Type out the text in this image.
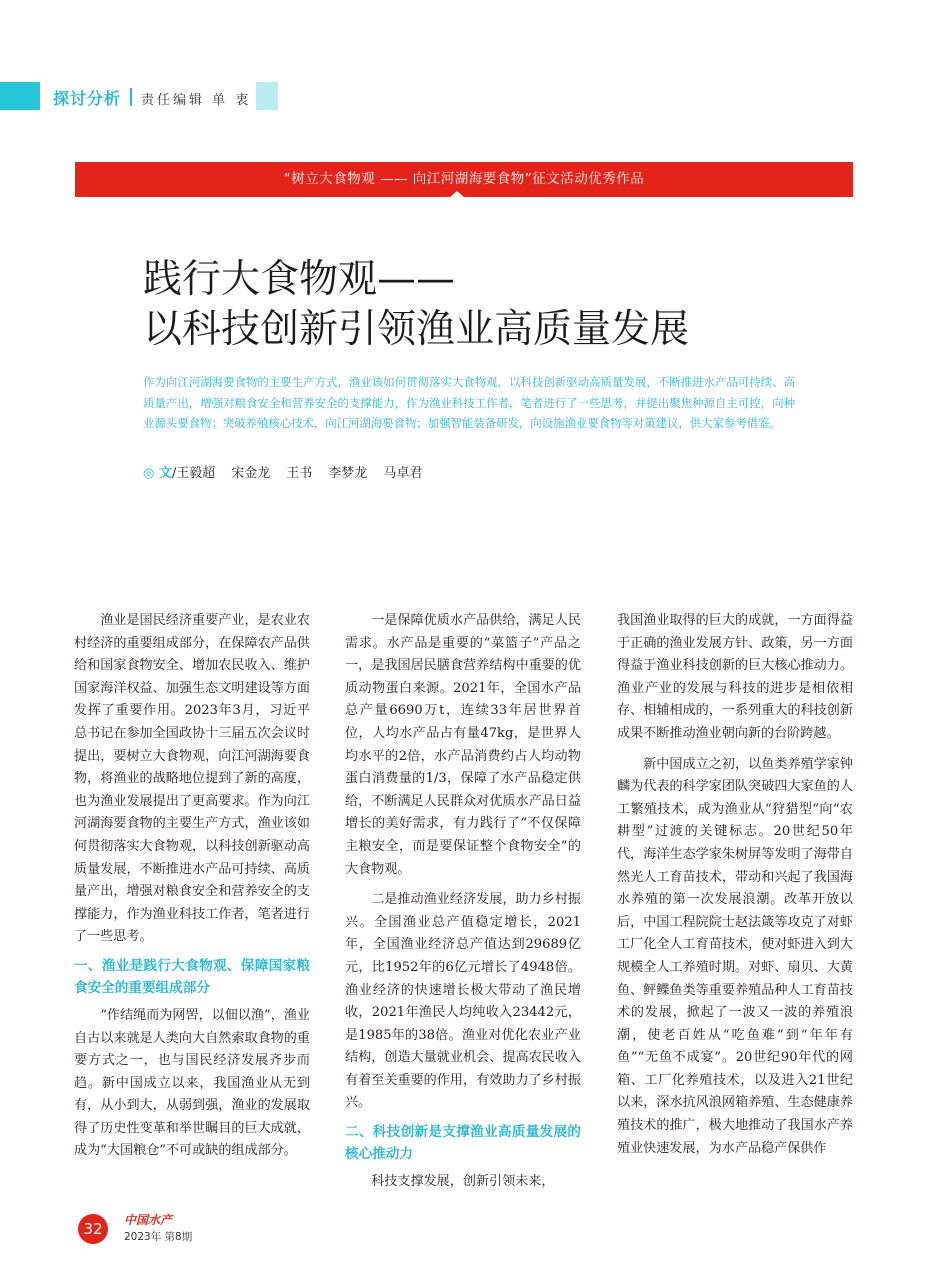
探讨分析 责任编辑 单 衷
“树立大食物观 —— 向江河湖海要食物”征文活动优秀作品
践行大食物观——
以科技创新引领渔业高质量发展
作为向江河湖海要食物的主要生产方式，渔业该如何贯彻落实大食物观，以科技创新驱动高质量发展，不断推进水产品可持续、高质量产出，增强对粮食安全和营养安全的支撑能力，作为渔业科技工作者，笔者进行了一些思考，并提出聚焦种源自主可控，向种业源头要食物；突破养殖核心技术，向江河湖海要食物；加强智能装备研发，向设施渔业要食物等对策建议，供大家参考借鉴。
◎ 文/王毅超 宋金龙 王书 李梦龙 马卓君

渔业是国民经济重要产业，是农业农村经济的重要组成部分，在保障农产品供给和国家食物安全、增加农民收入、维护国家海洋权益、加强生态文明建设等方面发挥了重要作用。2023年3月，习近平总书记在参加全国政协十三届五次会议时提出，要树立大食物观，向江河湖海要食物，将渔业的战略地位提到了新的高度，也为渔业发展提出了更高要求。作为向江河湖海要食物的主要生产方式，渔业该如何贯彻落实大食物观，以科技创新驱动高质量发展，不断推进水产品可持续、高质量产出，增强对粮食安全和营养安全的支撑能力，作为渔业科技工作者，笔者进行了一些思考。

一、渔业是践行大食物观、保障国家粮食安全的重要组成部分

“作结绳而为网罟，以佃以渔”，渔业自古以来就是人类向大自然索取食物的重要方式之一，也与国民经济发展齐步而趋。新中国成立以来，我国渔业从无到有，从小到大，从弱到强，渔业的发展取得了历史性变革和举世瞩目的巨大成就，成为“大国粮仓”不可或缺的组成部分。

一是保障优质水产品供给，满足人民需求。水产品是重要的“菜篮子”产品之一，是我国居民膳食营养结构中重要的优质动物蛋白来源。2021年，全国水产品总产量6690万t，连续33年居世界首位，人均水产品占有量47kg，是世界人均水平的2倍，水产品消费约占人均动物蛋白消费量的1/3，保障了水产品稳定供给，不断满足人民群众对优质水产品日益增长的美好需求，有力践行了“不仅保障主粮安全，而是要保证整个食物安全”的大食物观。

二是推动渔业经济发展，助力乡村振兴。全国渔业总产值稳定增长，2021年，全国渔业经济总产值达到29689亿元，比1952年的6亿元增长了4948倍。渔业经济的快速增长极大带动了渔民增收，2021年渔民人均纯收入23442元，是1985年的38倍。渔业对优化农业产业结构，创造大量就业机会、提高农民收入有着至关重要的作用，有效助力了乡村振兴。

二、科技创新是支撑渔业高质量发展的核心推动力

科技支撑发展，创新引领未来，

我国渔业取得的巨大的成就，一方面得益于正确的渔业发展方针、政策，另一方面得益于渔业科技创新的巨大核心推动力。渔业产业的发展与科技的进步是相依相存、相辅相成的，一系列重大的科技创新成果不断推动渔业朝向新的台阶跨越。

新中国成立之初，以鱼类养殖学家钟麟为代表的科学家团队突破四大家鱼的人工繁殖技术，成为渔业从“狩猎型”向“农耕型”过渡的关键标志。20世纪50年代，海洋生态学家朱树屏等发明了海带自然光人工育苗技术，带动和兴起了我国海水养殖的第一次发展浪潮。改革开放以后，中国工程院院士赵法箴等攻克了对虾工厂化全人工育苗技术，使对虾进入到大规模全人工养殖时期。对虾、扇贝、大黄鱼、鲆鲽鱼类等重要养殖品种人工育苗技术的发展，掀起了一波又一波的养殖浪潮，使老百姓从“吃鱼难”到“年年有鱼”“无鱼不成宴”。20世纪90年代的网箱、工厂化养殖技术，以及进入21世纪以来，深水抗风浪网箱养殖、生态健康养殖技术的推广，极大地推动了我国水产养殖业快速发展，为水产品稳产保供作

32	中国水产
2023年 第8期
